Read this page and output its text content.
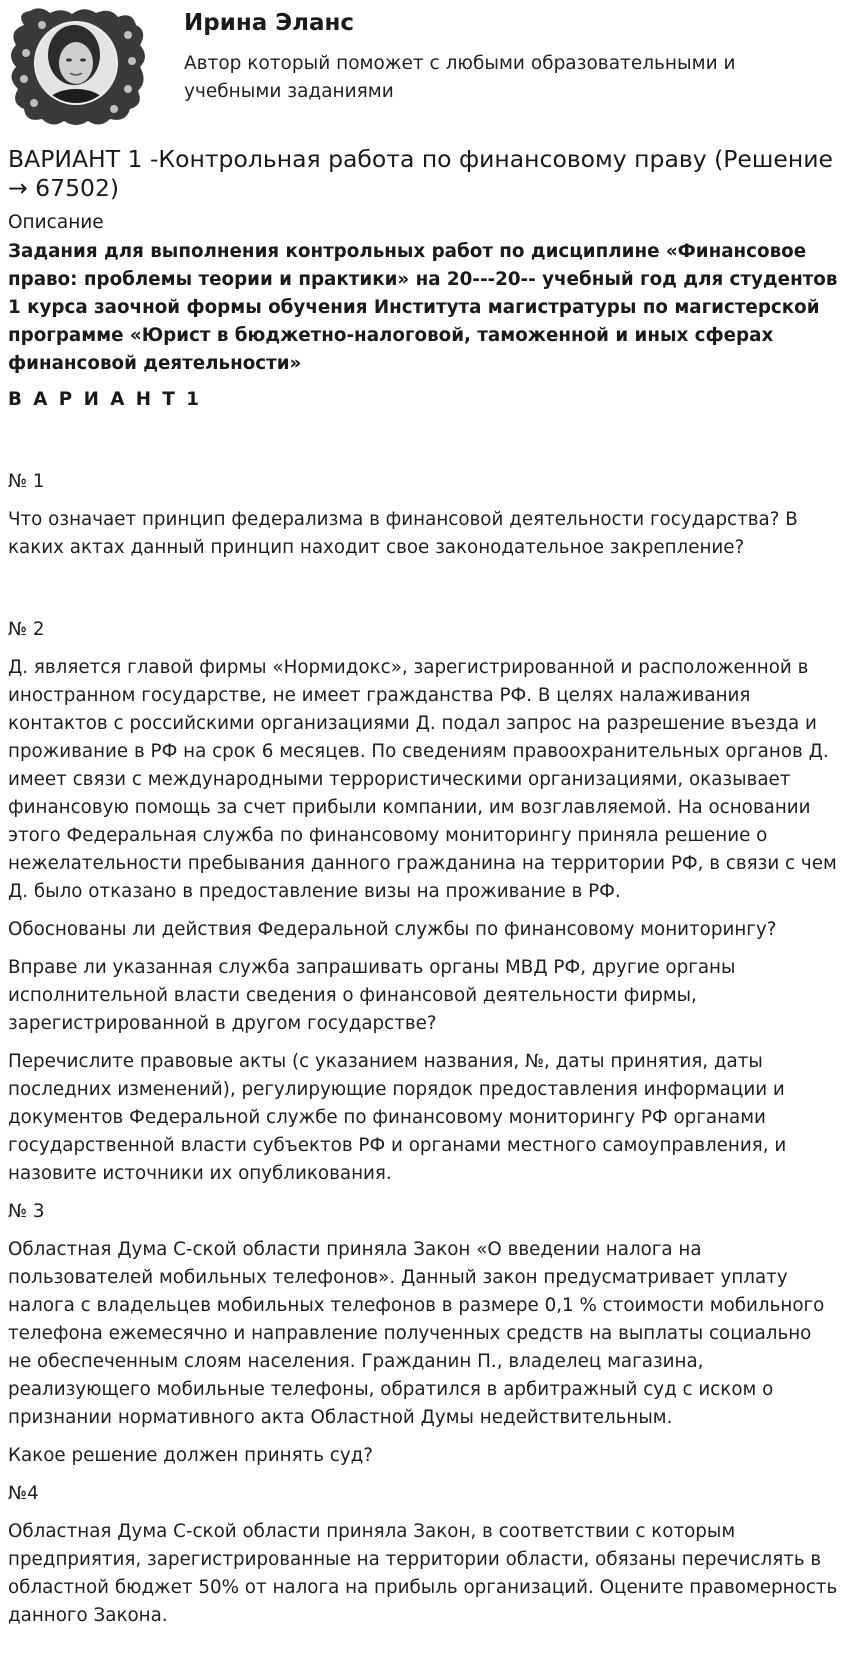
Ирина Эланс
Автор который поможет с любыми образовательными и учебными заданиями
ВАРИАНТ 1 -Контрольная работа по финансовому праву (Решение → 67502)
Описание
Задания для выполнения контрольных работ по дисциплине «Финансовое право: проблемы теории и практики» на 20---20-- учебный год для студентов 1 курса заочной формы обучения Института магистратуры по магистерской программе «Юрист в бюджетно-налоговой, таможенной и иных сферах финансовой деятельности»
В А Р И А Н Т 1
№ 1
Что означает принцип федерализма в финансовой деятельности государства? В каких актах данный принцип находит свое законодательное закрепление?
№ 2
Д. является главой фирмы «Нормидокс», зарегистрированной и расположенной в иностранном государстве, не имеет гражданства РФ. В целях налаживания контактов с российскими организациями Д. подал запрос на разрешение въезда и проживание в РФ на срок 6 месяцев. По сведениям правоохранительных органов Д. имеет связи с международными террористическими организациями, оказывает финансовую помощь за счет прибыли компании, им возглавляемой. На основании этого Федеральная служба по финансовому мониторингу приняла решение о нежелательности пребывания данного гражданина на территории РФ, в связи с чем Д. было отказано в предоставление визы на проживание в РФ.
Обоснованы ли действия Федеральной службы по финансовому мониторингу?
Вправе ли указанная служба запрашивать органы МВД РФ, другие органы исполнительной власти сведения о финансовой деятельности фирмы, зарегистрированной в другом государстве?
Перечислите правовые акты (с указанием названия, №, даты принятия, даты последних изменений), регулирующие порядок предоставления информации и документов Федеральной службе по финансовому мониторингу РФ органами государственной власти субъектов РФ и органами местного самоуправления, и назовите источники их опубликования.
№ 3
Областная Дума С-ской области приняла Закон «О введении налога на пользователей мобильных телефонов». Данный закон предусматривает уплату налога с владельцев мобильных телефонов в размере 0,1 % стоимости мобильного телефона ежемесячно и направление полученных средств на выплаты социально не обеспеченным слоям населения. Гражданин П., владелец магазина, реализующего мобильные телефоны, обратился в арбитражный суд с иском о признании нормативного акта Областной Думы недействительным.
Какое решение должен принять суд?
№4
Областная Дума С-ской области приняла Закон, в соответствии с которым предприятия, зарегистрированные на территории области, обязаны перечислять в областной бюджет 50% от налога на прибыль организаций. Оцените правомерность данного Закона.
